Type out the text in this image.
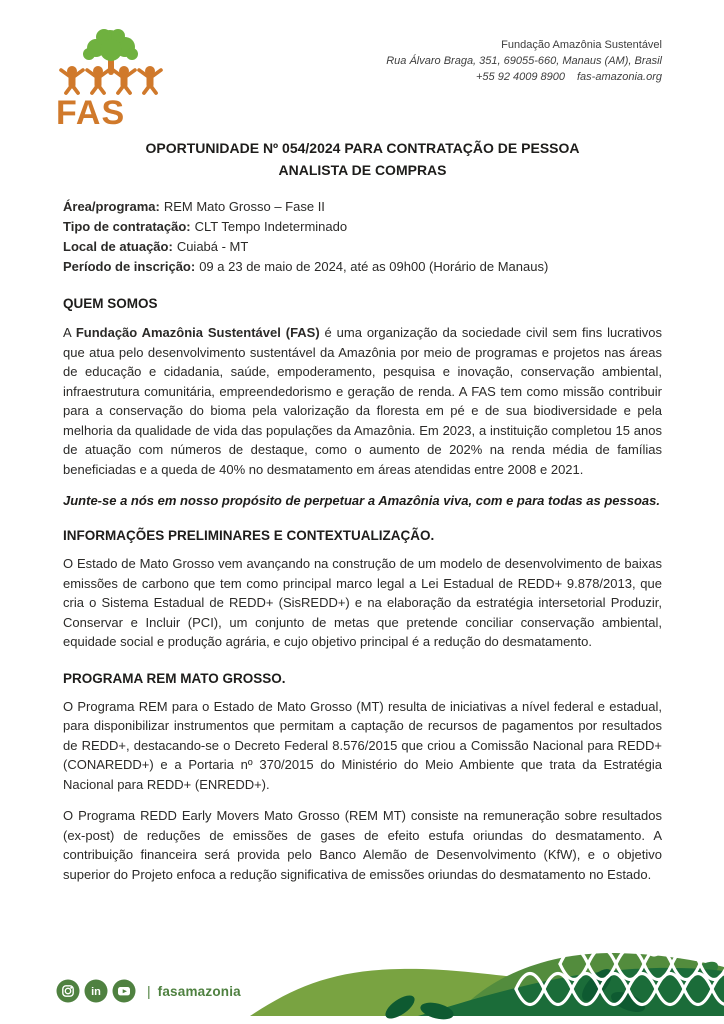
FAS
Fundação Amazônia Sustentável
Rua Álvaro Braga, 351, 69055-660, Manaus (AM), Brasil
+55 92 4009 8900 fas-amazonia.org
OPORTUNIDADE Nº 054/2024 PARA CONTRATAÇÃO DE PESSOA
ANALISTA DE COMPRAS
Área/programa: REM Mato Grosso – Fase II
Tipo de contratação: CLT Tempo Indeterminado
Local de atuação: Cuiabá - MT
Período de inscrição: 09 a 23 de maio de 2024, até as 09h00 (Horário de Manaus)
QUEM SOMOS
A Fundação Amazônia Sustentável (FAS) é uma organização da sociedade civil sem fins lucrativos que atua pelo desenvolvimento sustentável da Amazônia por meio de programas e projetos nas áreas de educação e cidadania, saúde, empoderamento, pesquisa e inovação, conservação ambiental, infraestrutura comunitária, empreendedorismo e geração de renda. A FAS tem como missão contribuir para a conservação do bioma pela valorização da floresta em pé e de sua biodiversidade e pela melhoria da qualidade de vida das populações da Amazônia. Em 2023, a instituição completou 15 anos de atuação com números de destaque, como o aumento de 202% na renda média de famílias beneficiadas e a queda de 40% no desmatamento em áreas atendidas entre 2008 e 2021.
Junte-se a nós em nosso propósito de perpetuar a Amazônia viva, com e para todas as pessoas.
INFORMAÇÕES PRELIMINARES E CONTEXTUALIZAÇÃO.
O Estado de Mato Grosso vem avançando na construção de um modelo de desenvolvimento de baixas emissões de carbono que tem como principal marco legal a Lei Estadual de REDD+ 9.878/2013, que cria o Sistema Estadual de REDD+ (SisREDD+) e na elaboração da estratégia intersetorial Produzir, Conservar e Incluir (PCI), um conjunto de metas que pretende conciliar conservação ambiental, equidade social e produção agrária, e cujo objetivo principal é a redução do desmatamento.
PROGRAMA REM MATO GROSSO.
O Programa REM para o Estado de Mato Grosso (MT) resulta de iniciativas a nível federal e estadual, para disponibilizar instrumentos que permitam a captação de recursos de pagamentos por resultados de REDD+, destacando-se o Decreto Federal 8.576/2015 que criou a Comissão Nacional para REDD+ (CONAREDD+) e a Portaria nº 370/2015 do Ministério do Meio Ambiente que trata da Estratégia Nacional para REDD+ (ENREDD+).
O Programa REDD Early Movers Mato Grosso (REM MT) consiste na remuneração sobre resultados (ex-post) de reduções de emissões de gases de efeito estufa oriundas do desmatamento. A contribuição financeira será provida pelo Banco Alemão de Desenvolvimento (KfW), e o objetivo superior do Projeto enfoca a redução significativa de emissões oriundas do desmatamento no Estado.
in	| fasamazonia
